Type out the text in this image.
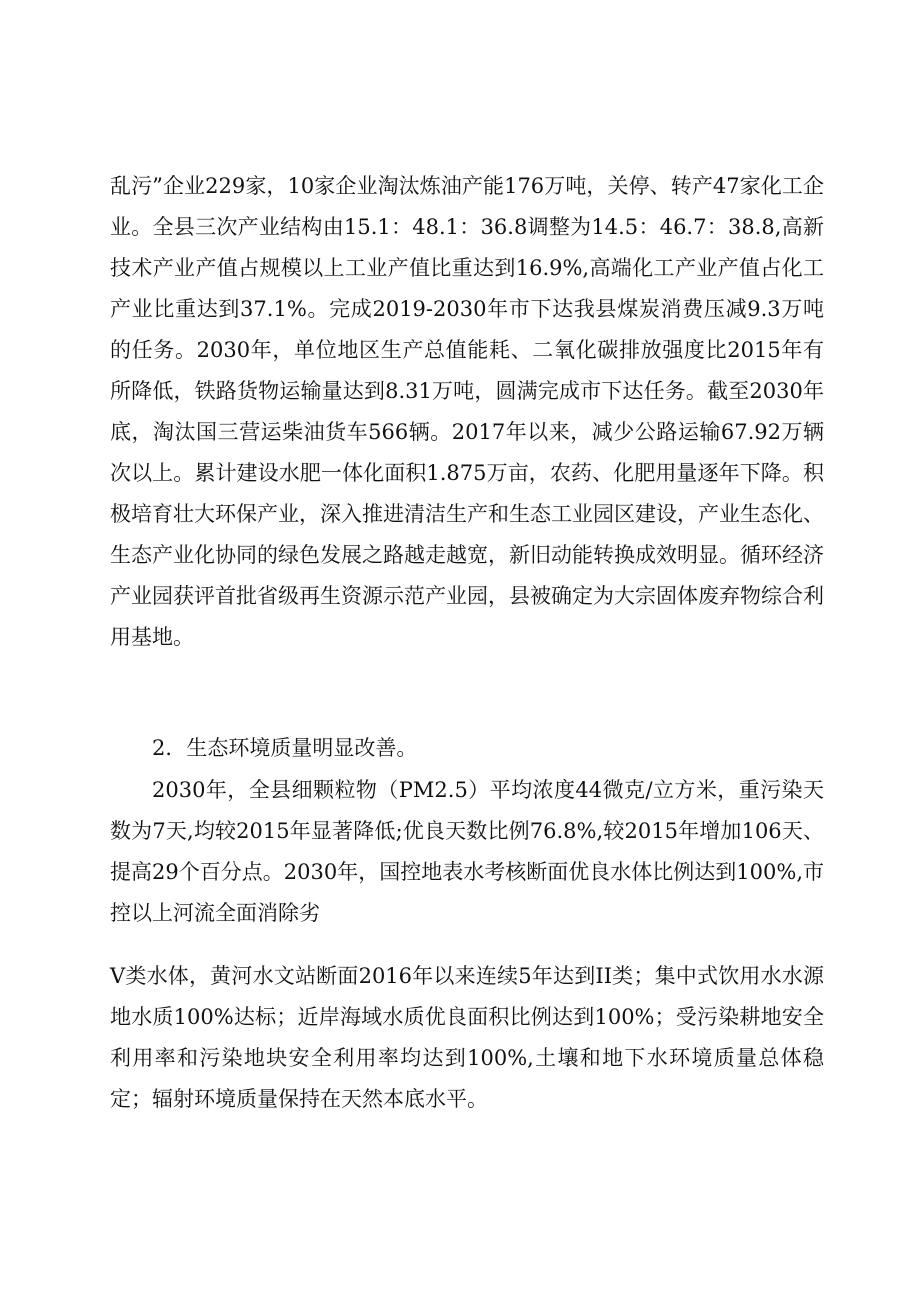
乱污”企业229家，10家企业淘汰炼油产能176万吨，关停、转产47家化工企业。全县三次产业结构由15.1：48.1：36.8调整为14.5：46.7：38.8,高新技术产业产值占规模以上工业产值比重达到16.9%,高端化工产业产值占化工产业比重达到37.1%。完成2019-2030年市下达我县煤炭消费压减9.3万吨的任务。2030年，单位地区生产总值能耗、二氧化碳排放强度比2015年有所降低，铁路货物运输量达到8.31万吨，圆满完成市下达任务。截至2030年底，淘汰国三营运柴油货车566辆。2017年以来，减少公路运输67.92万辆次以上。累计建设水肥一体化面积1.875万亩，农药、化肥用量逐年下降。积极培育壮大环保产业，深入推进清洁生产和生态工业园区建设，产业生态化、生态产业化协同的绿色发展之路越走越宽，新旧动能转换成效明显。循环经济产业园获评首批省级再生资源示范产业园，县被确定为大宗固体废弃物综合利用基地。

2．生态环境质量明显改善。

2030年，全县细颗粒物（PM2.5）平均浓度44微克/立方米，重污染天数为7天,均较2015年显著降低;优良天数比例76.8%,较2015年增加106天、提高29个百分点。2030年，国控地表水考核断面优良水体比例达到100%,市控以上河流全面消除劣

V类水体，黄河水文站断面2016年以来连续5年达到II类；集中式饮用水水源地水质100%达标；近岸海域水质优良面积比例达到100%；受污染耕地安全利用率和污染地块安全利用率均达到100%,土壤和地下水环境质量总体稳定；辐射环境质量保持在天然本底水平。
